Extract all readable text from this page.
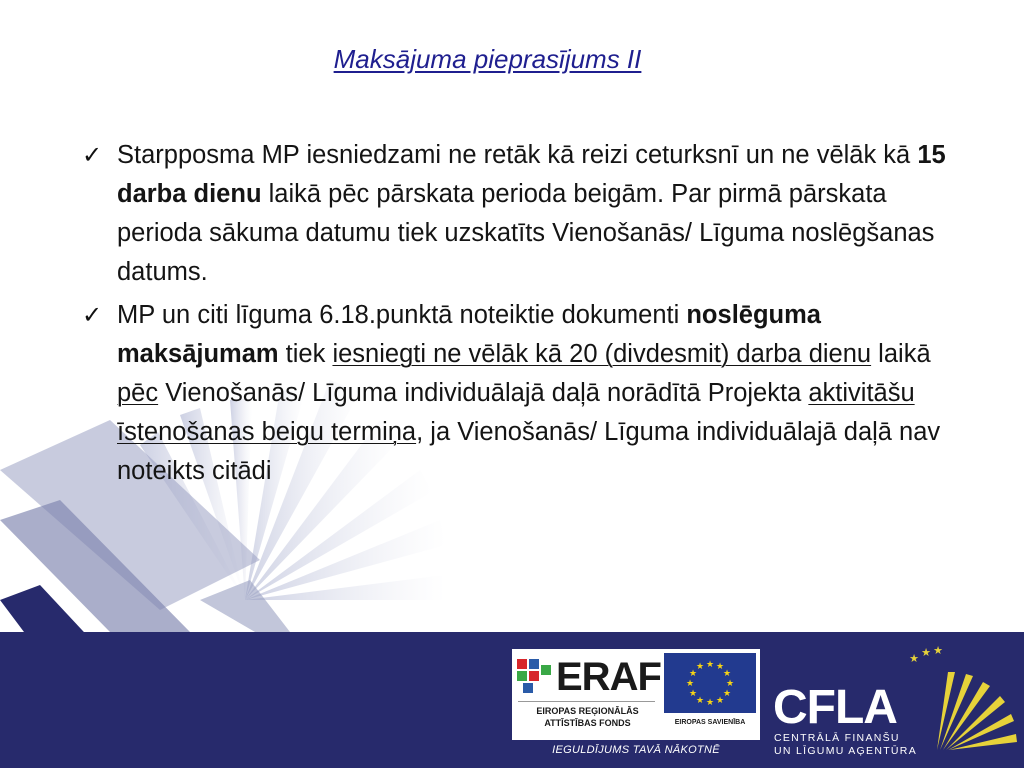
Maksājuma pieprasījums II
✓ Starpposma MP iesniedzami ne retāk kā reizi ceturksnī un ne vēlāk kā 15 darba dienu laikā pēc pārskata perioda beigām. Par pirmā pārskata perioda sākuma datumu tiek uzskatīts Vienošanās/ Līguma noslēgšanas datums.
✓ MP un citi līguma 6.18.punktā noteiktie dokumenti noslēguma maksājumam tiek iesniegti ne vēlāk kā 20 (divdesmit) darba dienu laikā pēc Vienošanās/ Līguma individuālajā daļā norādītā Projekta aktivitāšu īstenošanas beigu termiņa, ja Vienošanās/ Līguma individuālajā daļā nav noteikts citādi
★ ★
★
★
★
★
★
★
★
★
★
★
ERAF
EIROPAS REĢIONĀLĀS
ATTĪSTĪBAS FONDS	EIROPAS SAVIENĪBA
IEGULDĪJUMS TAVĀ NĀKOTNĒ
★ ★ ★
CFLA
CENTRĀLĀ FINANŠU
UN LĪGUMU AĢENTŪRA
